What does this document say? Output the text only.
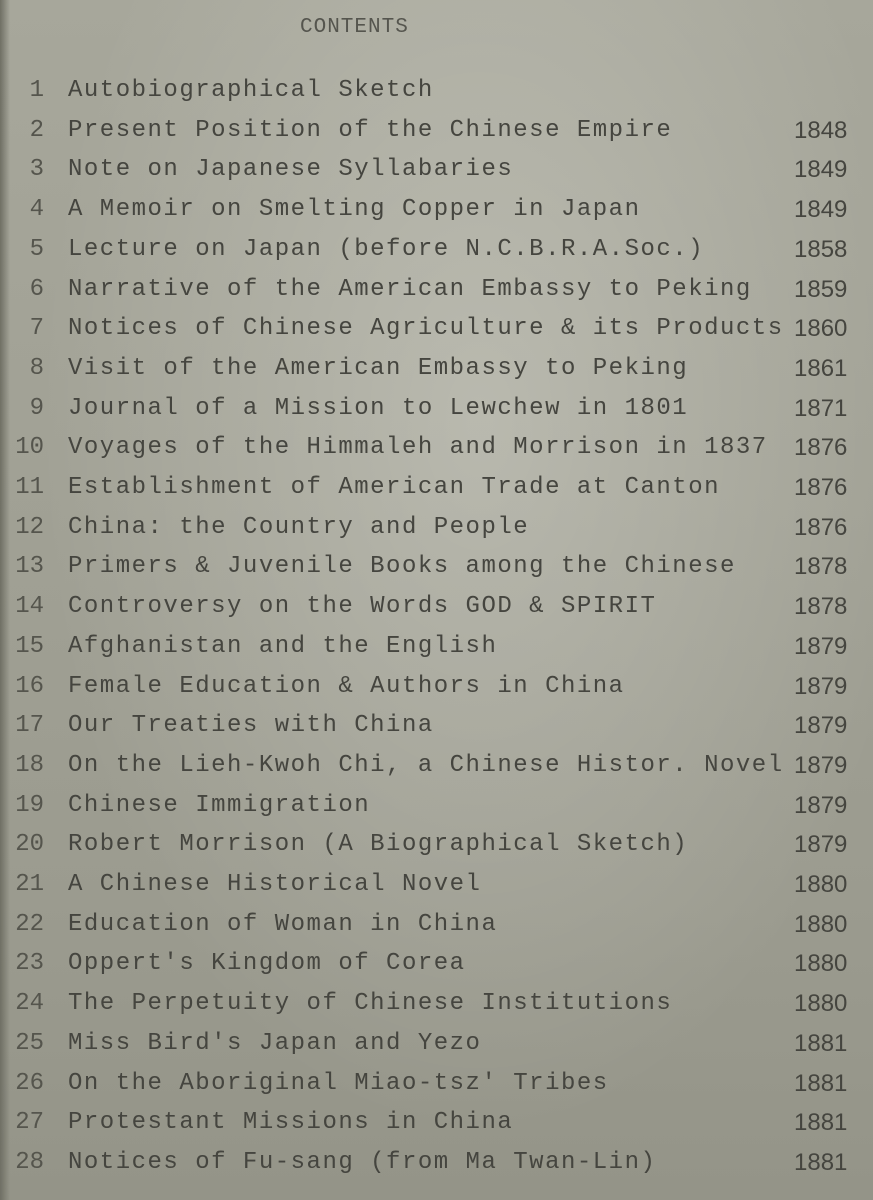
CONTENTS
1 Autobiographical Sketch
2 Present Position of the Chinese Empire	1848
3 Note on Japanese Syllabaries	1849
4 A Memoir on Smelting Copper in Japan	1849
5 Lecture on Japan (before N.C.B.R.A.Soc.)	1858
6 Narrative of the American Embassy to Peking	1859
7 Notices of Chinese Agriculture & its Products 1860
8 Visit of the American Embassy to Peking	1861
9 Journal of a Mission to Lewchew in 1801	1871
10 Voyages of the Himmaleh and Morrison in 1837	1876
11 Establishment of American Trade at Canton	1876
12 China: the Country and People	1876
13 Primers & Juvenile Books among the Chinese	1878
14 Controversy on the Words GOD & SPIRIT	1878
15 Afghanistan and the English	1879
16 Female Education & Authors in China	1879
17 Our Treaties with China	1879
18 On the Lieh-Kwoh Chi, a Chinese Histor. Novel 1879
19 Chinese Immigration	1879
20 Robert Morrison (A Biographical Sketch)	1879
21 A Chinese Historical Novel	1880
22 Education of Woman in China	1880
23 Oppert's Kingdom of Corea	1880
24 The Perpetuity of Chinese Institutions	1880
25 Miss Bird's Japan and Yezo	1881
26 On the Aboriginal Miao-tsz' Tribes	1881
27 Protestant Missions in China	1881
28 Notices of Fu-sang (from Ma Twan-Lin)	1881
